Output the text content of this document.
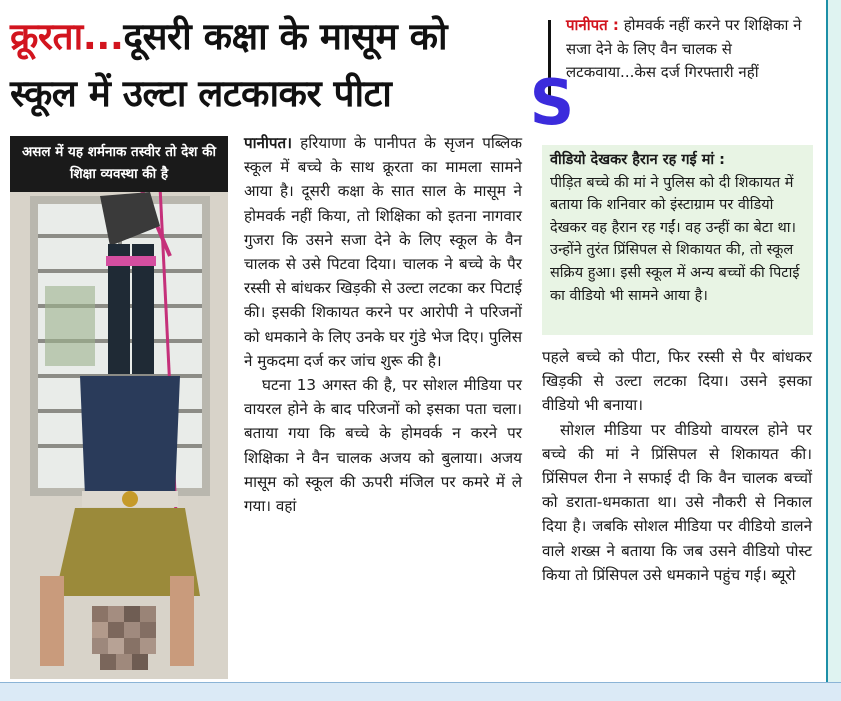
क्रूरता...दूसरी कक्षा के मासूम को
स्कूल में उल्टा लटकाकर पीटा	S
पानीपत : होमवर्क नहीं करने पर शिक्षिका ने सजा देने के लिए वैन चालक से लटकवाया...केस दर्ज गिरफ्तारी नहीं
असल में यह शर्मनाक तस्वीर तो देश की शिक्षा व्यवस्था की है

पानीपत। हरियाणा के पानीपत के सृजन पब्लिक स्कूल में बच्चे के साथ क्रूरता का मामला सामने आया है। दूसरी कक्षा के सात साल के मासूम ने होमवर्क नहीं किया, तो शिक्षिका को इतना नागवार गुजरा कि उसने सजा देने के लिए स्कूल के वैन चालक से उसे पिटवा दिया। चालक ने बच्चे के पैर रस्सी से बांधकर खिड़की से उल्टा लटका कर पिटाई की। इसकी शिकायत करने पर आरोपी ने परिजनों को धमकाने के लिए उनके घर गुंडे भेज दिए। पुलिस ने मुकदमा दर्ज कर जांच शुरू की है।

घटना 13 अगस्त की है, पर सोशल मीडिया पर वायरल होने के बाद परिजनों को इसका पता चला। बताया गया कि बच्चे के होमवर्क न करने पर शिक्षिका ने वैन चालक अजय को बुलाया। अजय मासूम को स्कूल की ऊपरी मंजिल पर कमरे में ले गया। वहां

वीडियो देखकर हैरान रह गई मां :
पीड़ित बच्चे की मां ने पुलिस को दी शिकायत में बताया कि शनिवार को इंस्टाग्राम पर वीडियो देखकर वह हैरान रह गईं। वह उन्हीं का बेटा था। उन्होंने तुरंत प्रिंसिपल से शिकायत की, तो स्कूल सक्रिय हुआ। इसी स्कूल में अन्य बच्चों की पिटाई का वीडियो भी सामने आया है।

पहले बच्चे को पीटा, फिर रस्सी से पैर बांधकर खिड़की से उल्टा लटका दिया। उसने इसका वीडियो भी बनाया।

सोशल मीडिया पर वीडियो वायरल होने पर बच्चे की मां ने प्रिंसिपल से शिकायत की। प्रिंसिपल रीना ने सफाई दी कि वैन चालक बच्चों को डराता-धमकाता था। उसे नौकरी से निकाल दिया है। जबकि सोशल मीडिया पर वीडियो डालने वाले शख्स ने बताया कि जब उसने वीडियो पोस्ट किया तो प्रिंसिपल उसे धमकाने पहुंच गई। ब्यूरो
